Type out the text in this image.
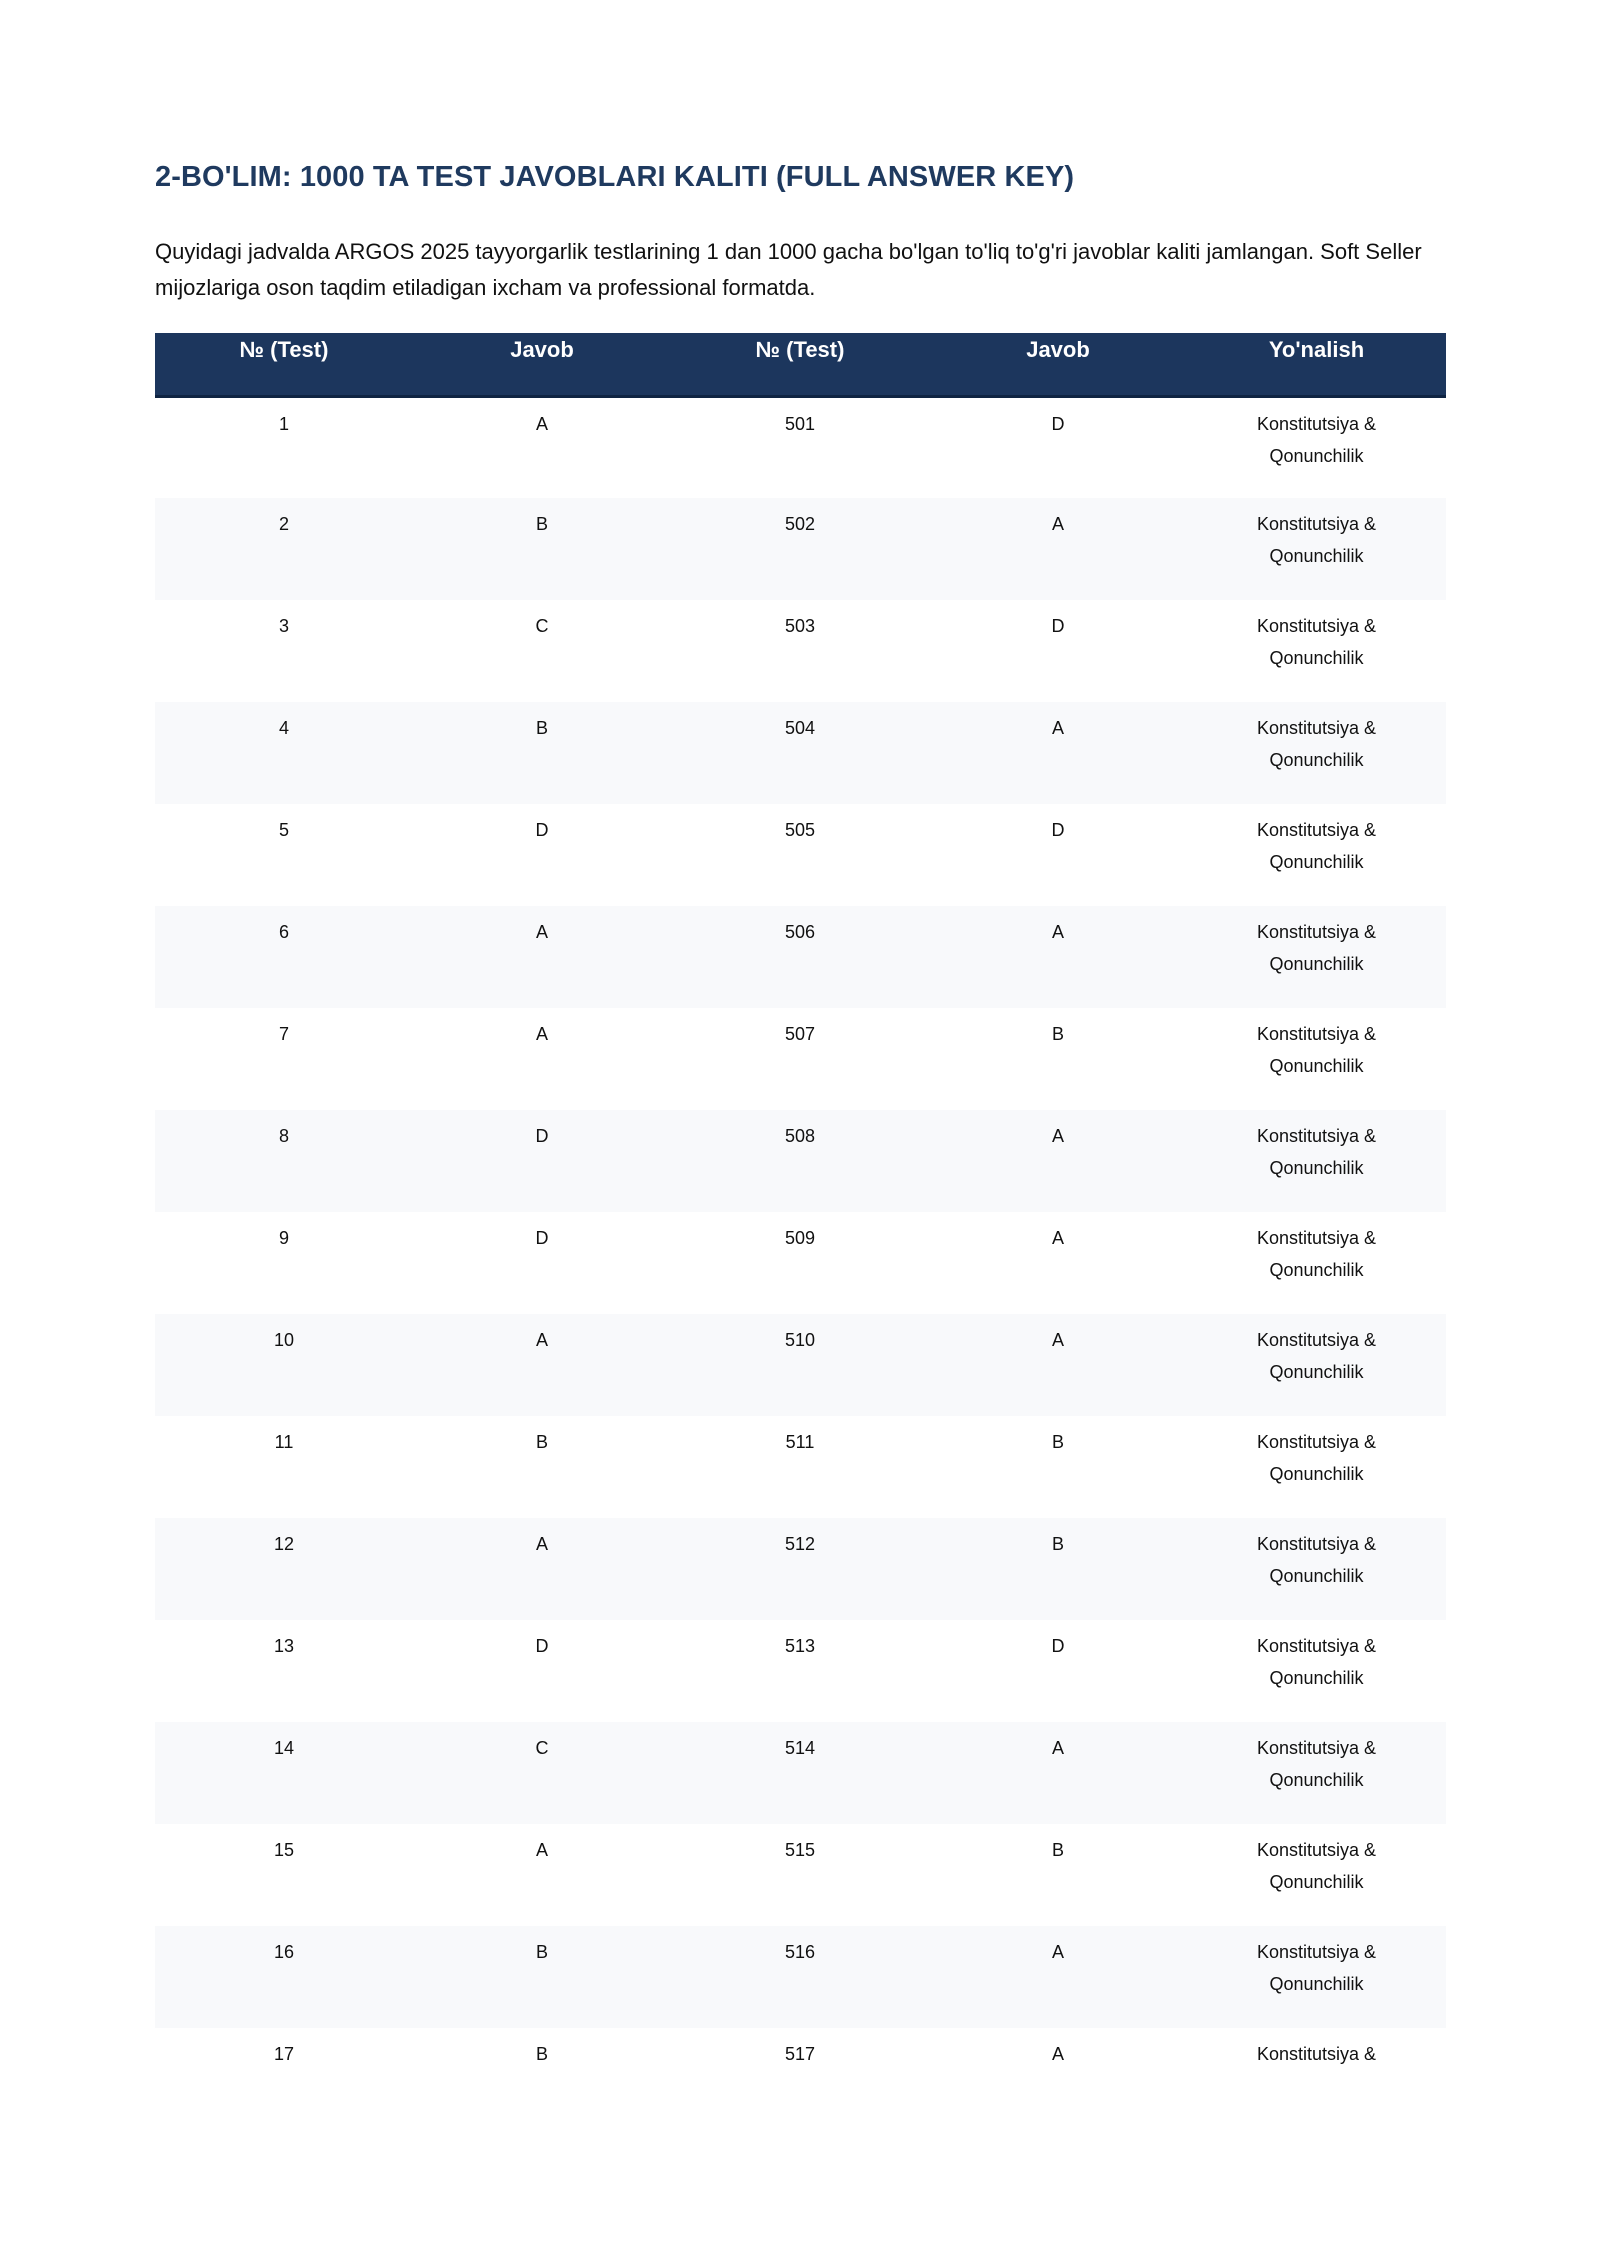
2-BO'LIM: 1000 TA TEST JAVOBLARI KALITI (FULL ANSWER KEY)

Quyidagi jadvalda ARGOS 2025 tayyorgarlik testlarining 1 dan 1000 gacha bo'lgan to'liq to'g'ri javoblar kaliti jamlangan. Soft Seller mijozlariga oson taqdim etiladigan ixcham va professional formatda.

№ (Test)	Javob	№ (Test)	Javob	Yo'nalish
1	A	501	D	Konstitutsiya & Qonunchilik

2	B	502	A	Konstitutsiya & Qonunchilik

3	C	503	D	Konstitutsiya & Qonunchilik

4	B	504	A	Konstitutsiya & Qonunchilik

5	D	505	D	Konstitutsiya & Qonunchilik

6	A	506	A	Konstitutsiya & Qonunchilik

7	A	507	B	Konstitutsiya & Qonunchilik

8	D	508	A	Konstitutsiya & Qonunchilik

9	D	509	A	Konstitutsiya & Qonunchilik

10	A	510	A	Konstitutsiya & Qonunchilik

11	B	511	B	Konstitutsiya & Qonunchilik

12	A	512	B	Konstitutsiya & Qonunchilik

13	D	513	D	Konstitutsiya & Qonunchilik

14	C	514	A	Konstitutsiya & Qonunchilik

15	A	515	B	Konstitutsiya & Qonunchilik

16	B	516	A	Konstitutsiya & Qonunchilik

17	B	517	A	Konstitutsiya &
